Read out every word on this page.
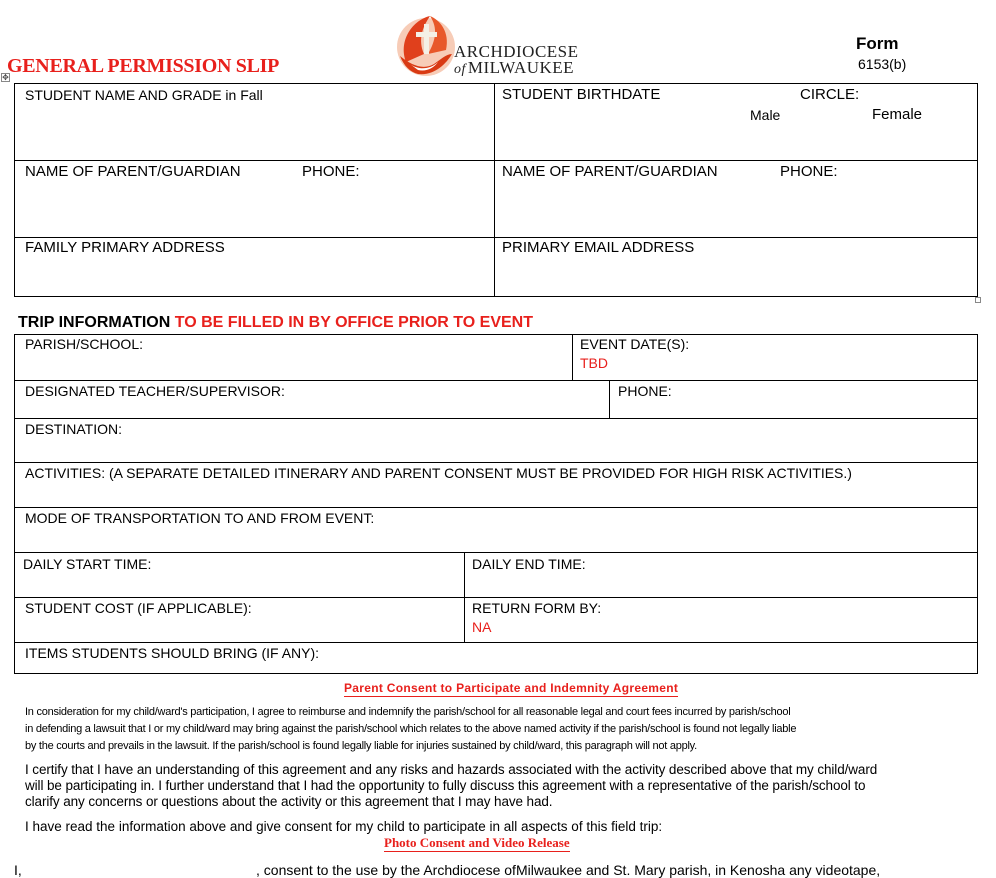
✥
GENERAL PERMISSION SLIP
ARCHDIOCESE
of MILWAUKEE
Form
6153(b)
STUDENT NAME AND GRADE in Fall	STUDENT BIRTHDATE	CIRCLE:
Male	Female
NAME OF PARENT/GUARDIAN	PHONE:	NAME OF PARENT/GUARDIAN	PHONE:
FAMILY PRIMARY ADDRESS	PRIMARY EMAIL ADDRESS
TRIP INFORMATION TO BE FILLED IN BY OFFICE PRIOR TO EVENT
PARISH/SCHOOL:	EVENT DATE(S):
TBD
DESIGNATED TEACHER/SUPERVISOR:	PHONE:
DESTINATION:
ACTIVITIES: (A SEPARATE DETAILED ITINERARY AND PARENT CONSENT MUST BE PROVIDED FOR HIGH RISK ACTIVITIES.)
MODE OF TRANSPORTATION TO AND FROM EVENT:
DAILY START TIME:	DAILY END TIME:
STUDENT COST (IF APPLICABLE):	RETURN FORM BY:
NA
ITEMS STUDENTS SHOULD BRING (IF ANY):
Parent Consent to Participate and Indemnity Agreement
In consideration for my child/ward's participation, I agree to reimburse and indemnify the parish/school for all reasonable legal and court fees incurred by parish/school
in defending a lawsuit that I or my child/ward may bring against the parish/school which relates to the above named activity if the parish/school is found not legally liable
by the courts and prevails in the lawsuit. If the parish/school is found legally liable for injuries sustained by child/ward, this paragraph will not apply.
I certify that I have an understanding of this agreement and any risks and hazards associated with the activity described above that my child/ward will be participating in. I further understand that I had the opportunity to fully discuss this agreement with a representative of the parish/school to clarify any concerns or questions about the activity or this agreement that I may have had.
I have read the information above and give consent for my child to participate in all aspects of this field trip:
Photo Consent and Video Release
I,	, consent to the use by the Archdiocese ofMilwaukee and St. Mary parish, in Kenosha any videotape,
